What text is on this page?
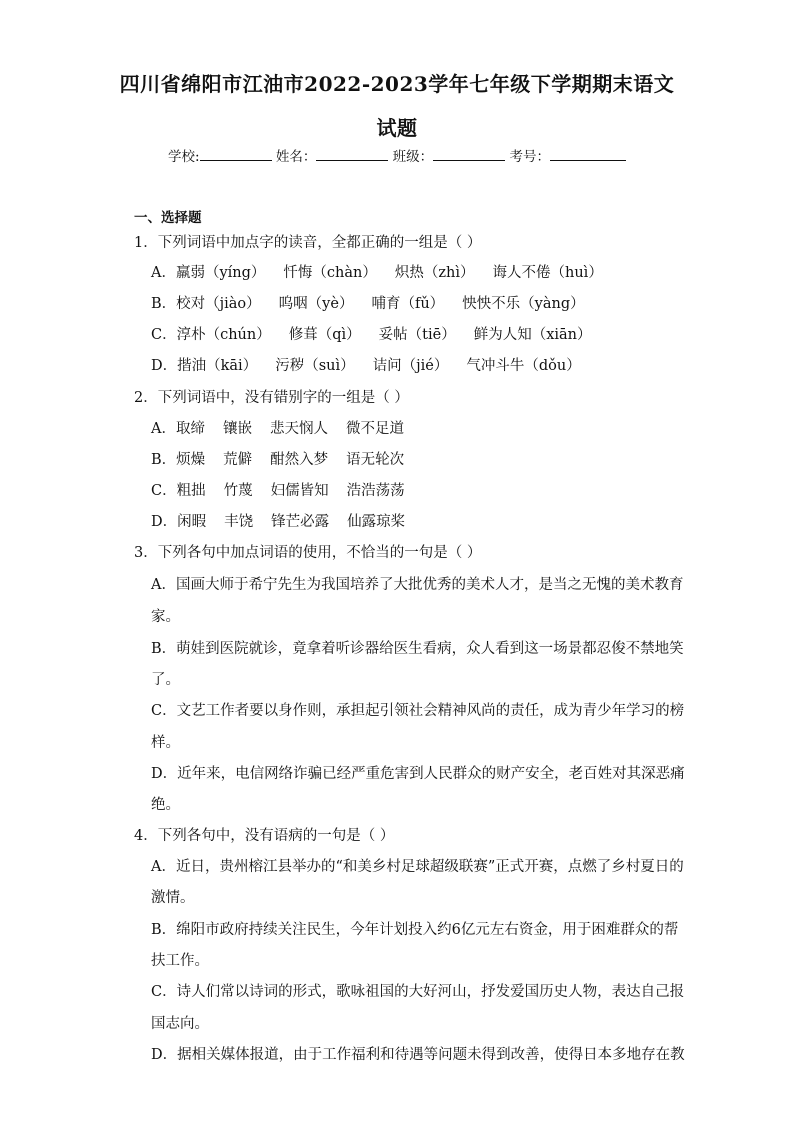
四川省绵阳市江油市2022-2023学年七年级下学期期末语文
试题
学校:	姓名：	班级：	考号：
一、选择题
1．下列词语中加点字的读音，全都正确的一组是（ ）
A．羸弱（yíng） 忏悔（chàn） 炽热（zhì） 诲人不倦（huì）
B．校对（jiào） 呜咽（yè） 哺育（fǔ） 怏怏不乐（yàng）
C．淳朴（chún） 修葺（qì） 妥帖（tiē） 鲜为人知（xiān）
D．揩油（kāi） 污秽（suì） 诘问（jié） 气冲斗牛（dǒu）
2．下列词语中，没有错别字的一组是（ ）
A．取缔 镶嵌 悲天悯人 微不足道
B．烦燥 荒僻 酣然入梦 语无轮次
C．粗拙 竹蔑 妇儒皆知 浩浩荡荡
D．闲暇 丰饶 锋芒必露 仙露琼桨
3．下列各句中加点词语的使用，不恰当的一句是（ ）
A．国画大师于希宁先生为我国培养了大批优秀的美术人才，是当之无愧的美术教育
家。
B．萌娃到医院就诊，竟拿着听诊器给医生看病，众人看到这一场景都忍俊不禁地笑
了。
C．文艺工作者要以身作则，承担起引领社会精神风尚的责任，成为青少年学习的榜
样。
D．近年来，电信网络诈骗已经严重危害到人民群众的财产安全，老百姓对其深恶痛
绝。
4．下列各句中，没有语病的一句是（ ）
A．近日，贵州榕江县举办的“和美乡村足球超级联赛”正式开赛，点燃了乡村夏日的
激情。
B．绵阳市政府持续关注民生，今年计划投入约6亿元左右资金，用于困难群众的帮
扶工作。
C．诗人们常以诗词的形式，歌咏祖国的大好河山，抒发爱国历史人物，表达自己报
国志向。
D．据相关媒体报道，由于工作福利和待遇等问题未得到改善，使得日本多地存在教
